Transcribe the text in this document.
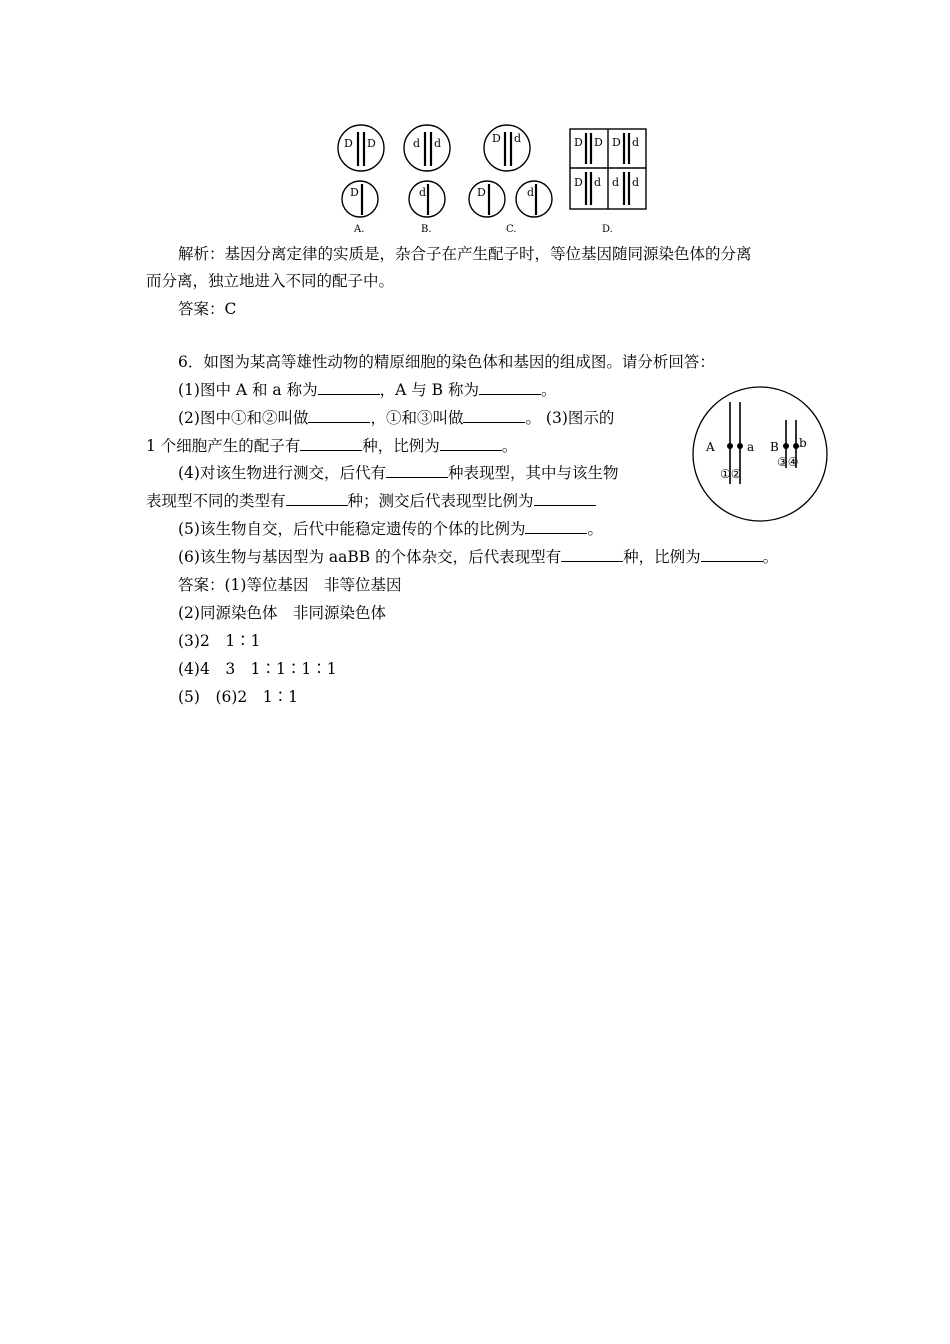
D D
D
d d
d
D d
D	d
D D D d
D d d d
A.	B.	C.	D.
解析：基因分离定律的实质是，杂合子在产生配子时，等位基因随同源染色体的分离
而分离，独立地进入不同的配子中。
答案：C
6．如图为某高等雄性动物的精原细胞的染色体和基因的组成图。请分析回答：
(1)图中 A 和 a 称为	，A 与 B 称为	。
(2)图中①和②叫做	，①和③叫做	。 (3)图示的
1 个细胞产生的配子有	种，比例为	。
(4)对该生物进行测交，后代有	种表现型，其中与该生物
表现型不同的类型有	种；测交后代表现型比例为
(5)该生物自交，后代中能稳定遗传的个体的比例为	。
(6)该生物与基因型为 aaBB 的个体杂交，后代表现型有	种，比例为	。
答案：(1)等位基因　非等位基因
(2)同源染色体　非同源染色体
(3)2　1∶1
(4)4　3　1∶1∶1∶1
(5)　(6)2　1∶1
A	a B b
①②
③④
